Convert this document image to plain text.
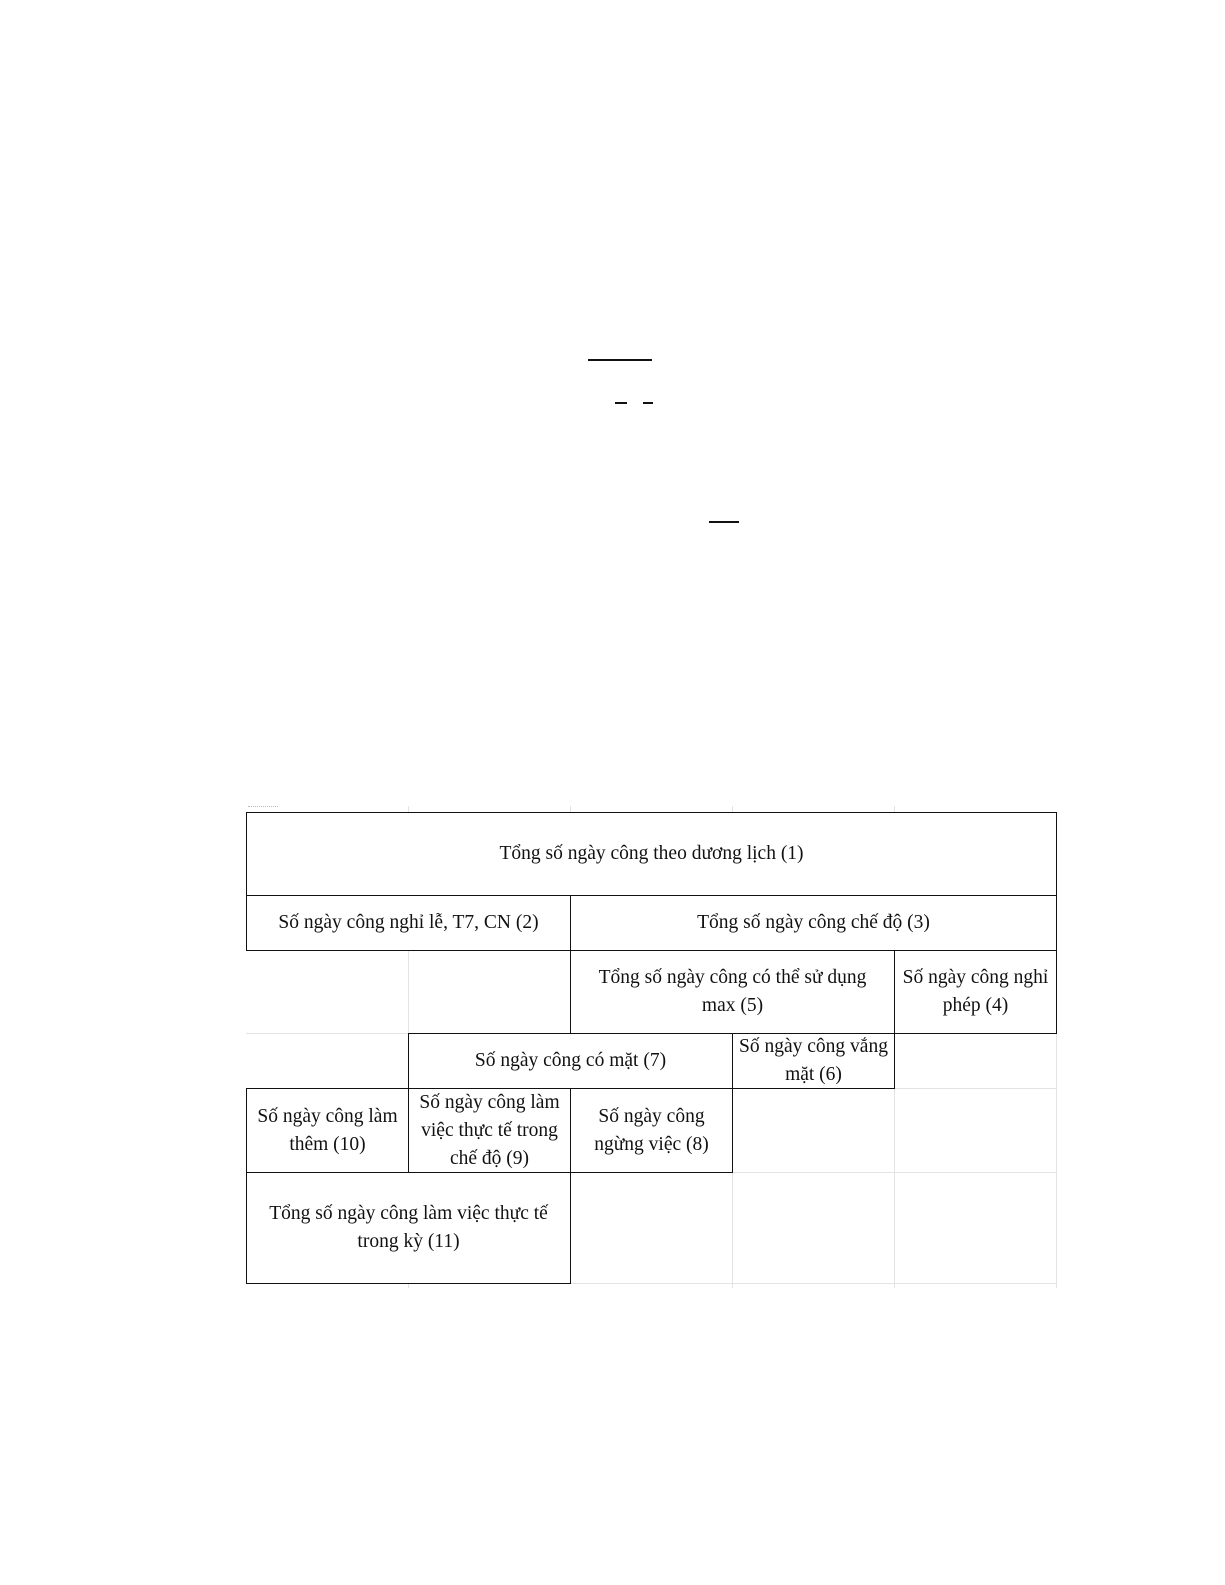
Tổng số ngày công theo dương lịch (1)
Số ngày công nghỉ lễ, T7, CN (2)	Tổng số ngày công chế độ (3)
Tổng số ngày công có thể sử dụng
max (5)
Số ngày công nghỉ
phép (4)
Số ngày công có mặt (7)
Số ngày công vắng
mặt (6)
Số ngày công làm
thêm (10)
Số ngày công làm
việc thực tế trong
chế độ (9)
Số ngày công
ngừng việc (8)
Tổng số ngày công làm việc thực tế
trong kỳ (11)
